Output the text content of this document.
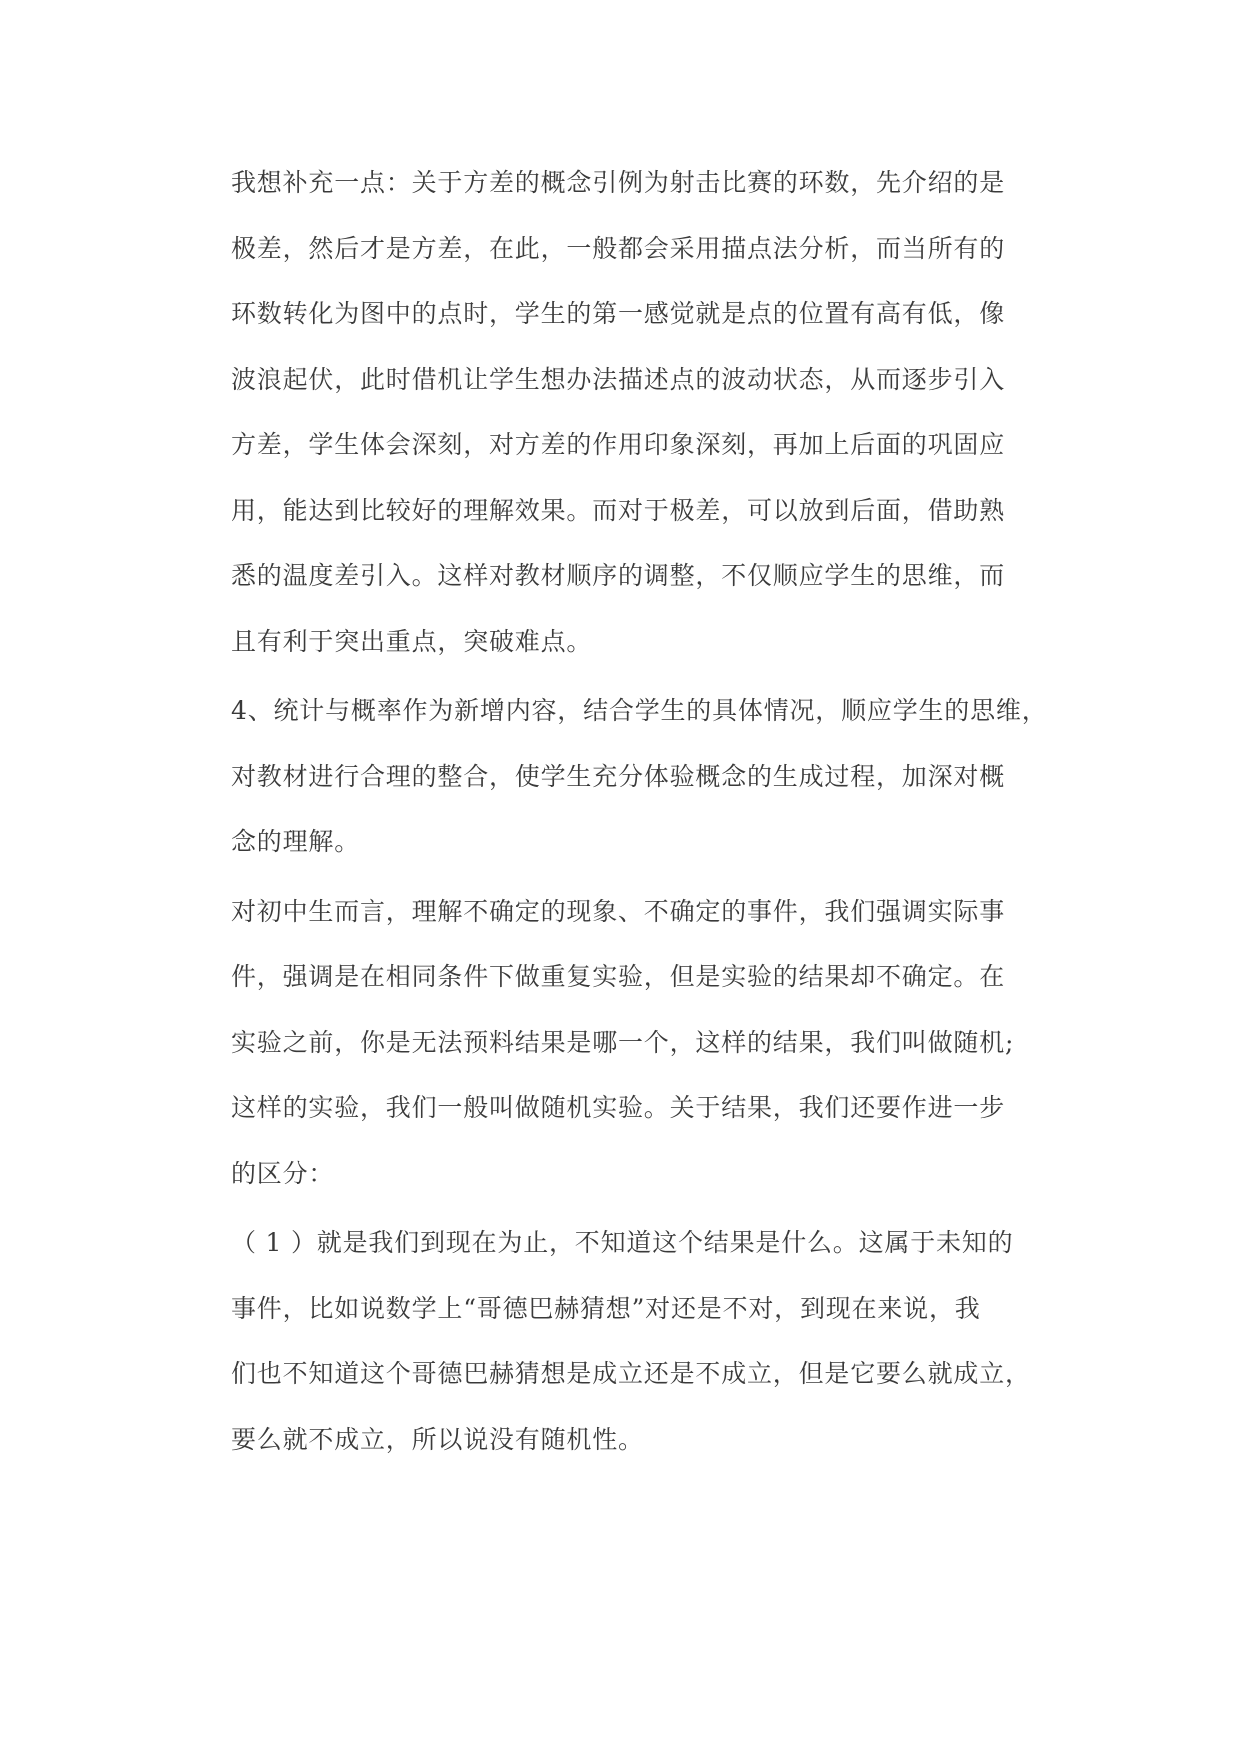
我想补充一点：关于方差的概念引例为射击比赛的环数，先介绍的是
极差，然后才是方差，在此，一般都会采用描点法分析，而当所有的
环数转化为图中的点时，学生的第一感觉就是点的位置有高有低，像
波浪起伏，此时借机让学生想办法描述点的波动状态，从而逐步引入
方差，学生体会深刻，对方差的作用印象深刻，再加上后面的巩固应
用，能达到比较好的理解效果。而对于极差，可以放到后面，借助熟
悉的温度差引入。这样对教材顺序的调整，不仅顺应学生的思维，而
且有利于突出重点，突破难点。

4、统计与概率作为新增内容，结合学生的具体情况，顺应学生的思维，
对教材进行合理的整合，使学生充分体验概念的生成过程，加深对概
念的理解。

对初中生而言，理解不确定的现象、不确定的事件，我们强调实际事
件，强调是在相同条件下做重复实验，但是实验的结果却不确定。在
实验之前，你是无法预料结果是哪一个，这样的结果，我们叫做随机;
这样的实验，我们一般叫做随机实验。关于结果，我们还要作进一步
的区分：

（ 1 ）就是我们到现在为止，不知道这个结果是什么。这属于未知的
事件，比如说数学上“哥德巴赫猜想”对还是不对，到现在来说，我
们也不知道这个哥德巴赫猜想是成立还是不成立，但是它要么就成立，
要么就不成立，所以说没有随机性。
